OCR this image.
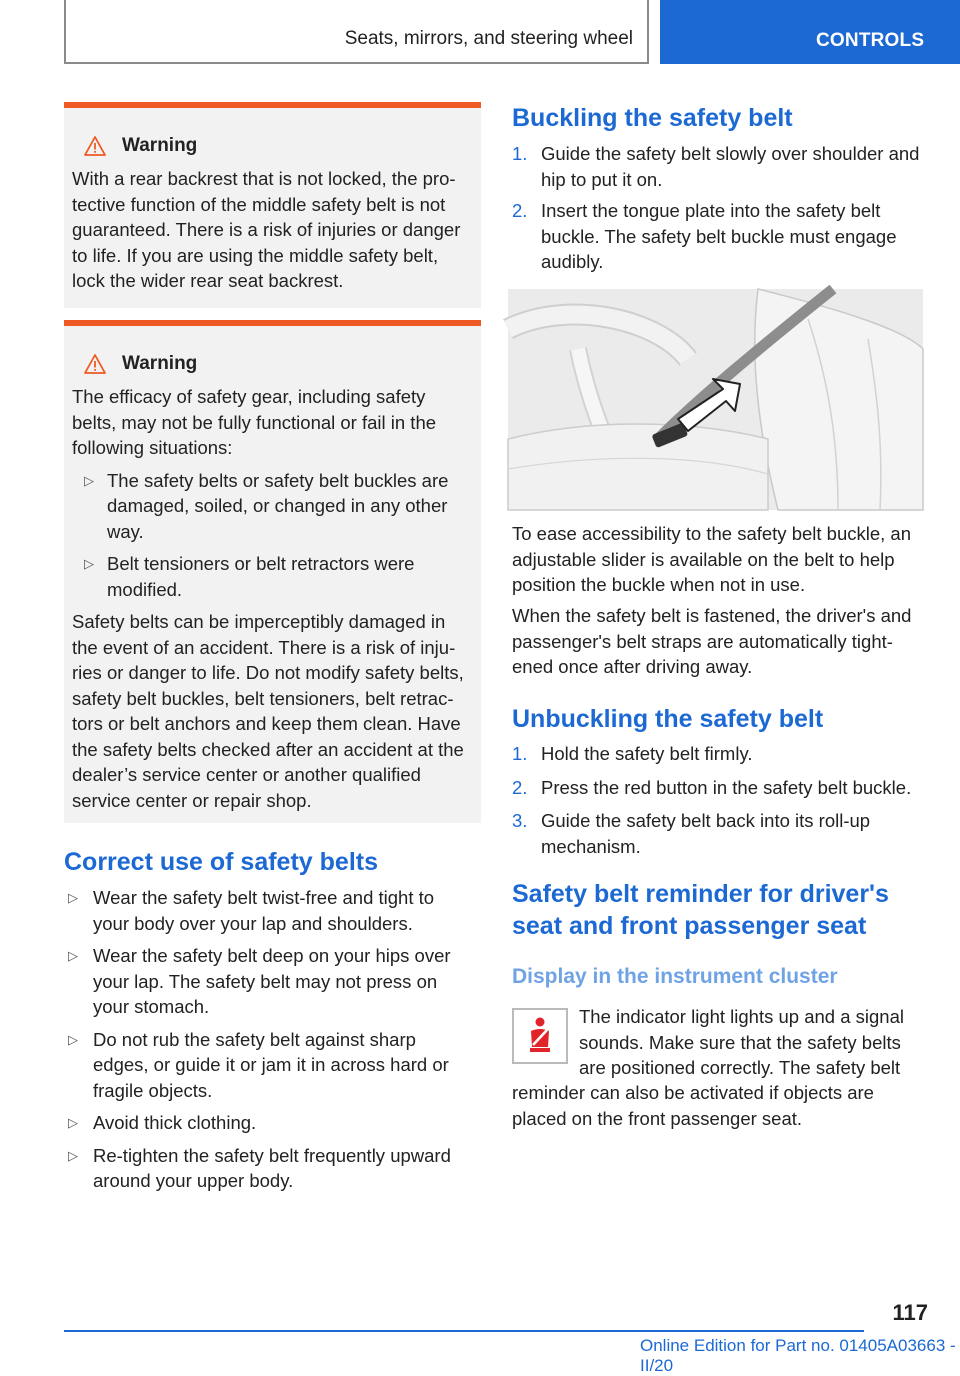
Seats, mirrors, and steering wheel	CONTROLS
Warning

With a rear backrest that is not locked, the pro‐tective function of the middle safety belt is not guaranteed. There is a risk of injuries or danger to life. If you are using the middle safety belt, lock the wider rear seat backrest.

Warning

The efficacy of safety gear, including safety belts, may not be fully functional or fail in the following situations:

▷ The safety belts or safety belt buckles are damaged, soiled, or changed in any other way.
▷ Belt tensioners or belt retractors were modified.

Safety belts can be imperceptibly damaged in the event of an accident. There is a risk of inju‐ries or danger to life. Do not modify safety belts, safety belt buckles, belt tensioners, belt retrac‐tors or belt anchors and keep them clean. Have the safety belts checked after an accident at the dealer’s service center or another qualified service center or repair shop.

Correct use of safety belts
▷ Wear the safety belt twist-free and tight to your body over your lap and shoulders.
▷ Wear the safety belt deep on your hips over your lap. The safety belt may not press on your stomach.
▷ Do not rub the safety belt against sharp edges, or guide it or jam it in across hard or fragile objects.
▷ Avoid thick clothing.
▷ Re-tighten the safety belt frequently upward around your upper body.
Buckling the safety belt
1. Guide the safety belt slowly over shoulder and hip to put it on.
2. Insert the tongue plate into the safety belt buckle. The safety belt buckle must engage audibly.

To ease accessibility to the safety belt buckle, an adjustable slider is available on the belt to help position the buckle when not in use.

When the safety belt is fastened, the driver's and passenger's belt straps are automatically tight‐ened once after driving away.

Unbuckling the safety belt
1. Hold the safety belt firmly.
2. Press the red button in the safety belt buckle.
3. Guide the safety belt back into its roll-up mechanism.
Safety belt reminder for driver's seat and front passenger seat
Display in the instrument cluster

The indicator light lights up and a signal sounds. Make sure that the safety belts are positioned correctly. The safety belt

reminder can also be activated if objects are placed on the front passenger seat.

117
Online Edition for Part no. 01405A03663 - II/20
